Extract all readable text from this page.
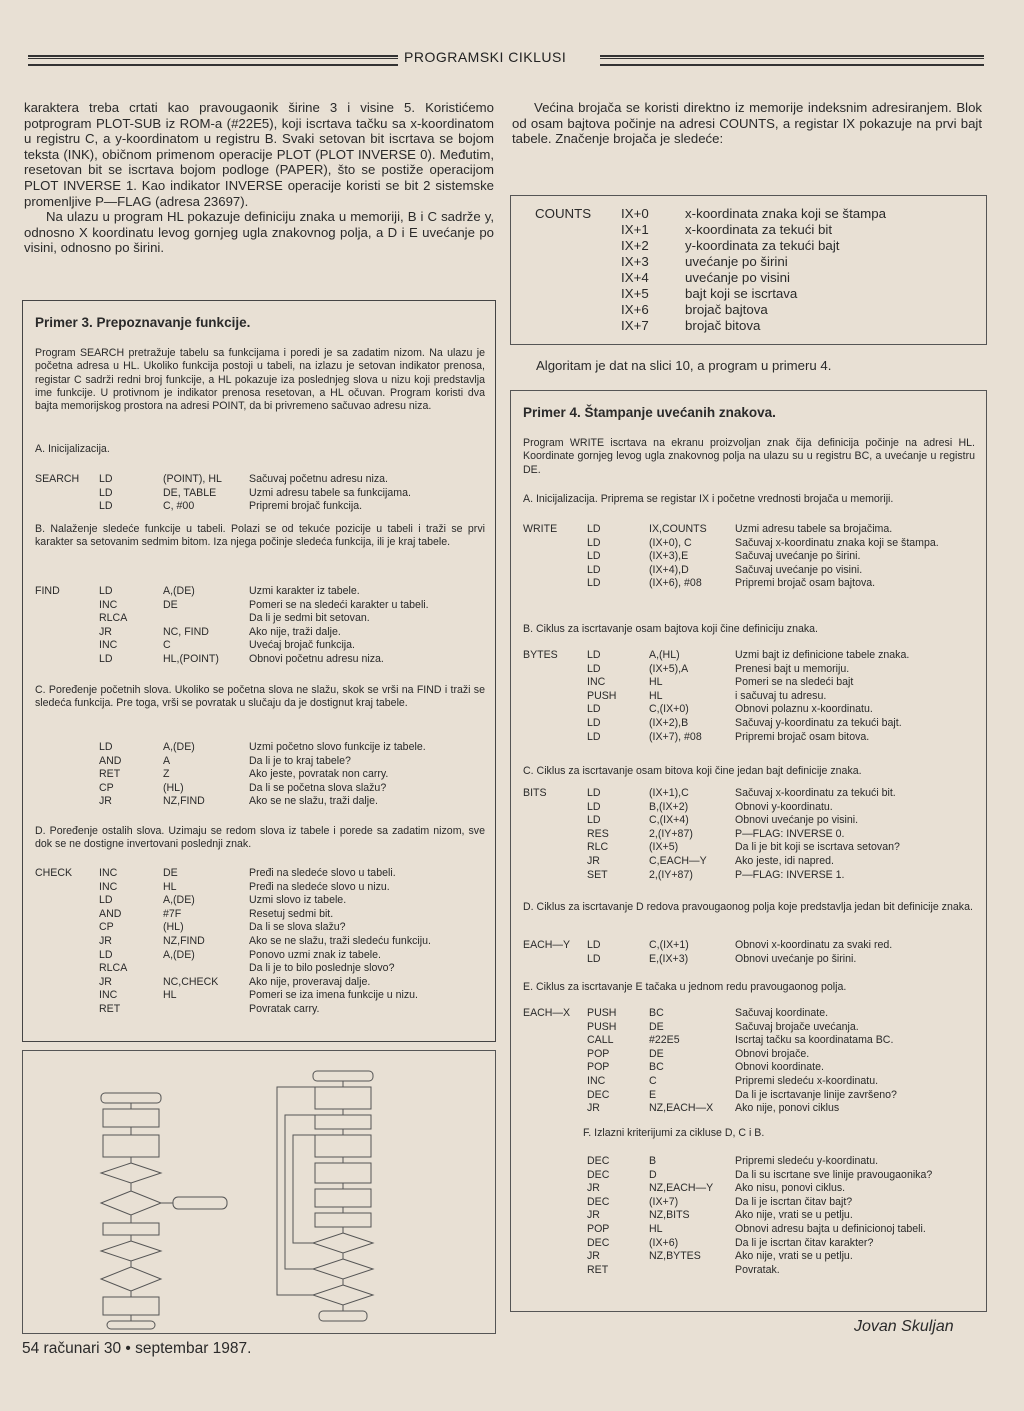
PROGRAMSKI CIKLUSI

karaktera treba crtati kao pravougaonik širine 3 i visine 5. Koristićemo potprogram PLOT-SUB iz ROM-a (#22E5), koji iscrtava tačku sa x-koordinatom u registru C, a y-koordinatom u registru B. Svaki setovan bit iscrtava se bojom teksta (INK), običnom primenom operacije PLOT (PLOT INVERSE 0). Međutim, resetovan bit se iscrtava bojom podloge (PAPER), što se postiže operacijom PLOT INVERSE 1. Kao indikator INVERSE operacije koristi se bit 2 sistemske promenljive P—FLAG (adresa 23697).

Na ulazu u program HL pokazuje definiciju znaka u memoriji, B i C sadrže y, odnosno X koordinatu levog gornjeg ugla znakovnog polja, a D i E uvećanje po visini, odnosno po širini.

Primer 3. Prepoznavanje funkcije.
Program SEARCH pretražuje tabelu sa funkcijama i poredi je sa zadatim nizom. Na ulazu je početna adresa u HL. Ukoliko funkcija postoji u tabeli, na izlazu je setovan indikator prenosa, registar C sadrži redni broj funkcije, a HL pokazuje iza poslednjeg slova u nizu koji predstavlja ime funkcije. U protivnom je indikator prenosa resetovan, a HL očuvan. Program koristi dva bajta memorijskog prostora na adresi POINT, da bi privremeno sačuvao adresu niza.
A. Inicijalizacija.
SEARCH	LD	(POINT), HL	Sačuvaj početnu adresu niza.
LD	DE, TABLE	Uzmi adresu tabele sa funkcijama.
LD	C, #00	Pripremi brojač funkcija.
B. Nalaženje sledeće funkcije u tabeli. Polazi se od tekuće pozicije u tabeli i traži se prvi karakter sa setovanim sedmim bitom. Iza njega počinje sledeća funkcija, ili je kraj tabele.
FIND	LD	A,(DE)	Uzmi karakter iz tabele.
INC	DE	Pomeri se na sledeći karakter u tabeli.
RLCA	Da li je sedmi bit setovan.
JR	NC, FIND	Ako nije, traži dalje.
INC	C	Uvećaj brojač funkcija.
LD	HL,(POINT)	Obnovi početnu adresu niza.
C. Poređenje početnih slova. Ukoliko se početna slova ne slažu, skok se vrši na FIND i traži se sledeća funkcija. Pre toga, vrši se povratak u slučaju da je dostignut kraj tabele.
LD	A,(DE)	Uzmi početno slovo funkcije iz tabele.
AND	A	Da li je to kraj tabele?
RET	Z	Ako jeste, povratak non carry.
CP	(HL)	Da li se početna slova slažu?
JR	NZ,FIND	Ako se ne slažu, traži dalje.
D. Poređenje ostalih slova. Uzimaju se redom slova iz tabele i porede sa zadatim nizom, sve dok se ne dostigne invertovani poslednji znak.
CHECK	INC	DE	Pređi na sledeće slovo u tabeli.
INC	HL	Pređi na sledeće slovo u nizu.
LD	A,(DE)	Uzmi slovo iz tabele.
AND	#7F	Resetuj sedmi bit.
CP	(HL)	Da li se slova slažu?
JR	NZ,FIND	Ako se ne slažu, traži sledeću funkciju.
LD	A,(DE)	Ponovo uzmi znak iz tabele.
RLCA	Da li je to bilo poslednje slovo?
JR	NC,CHECK	Ako nije, proveravaj dalje.
INC	HL	Pomeri se iza imena funkcije u nizu.
RET	Povratak carry.
Većina brojača se koristi direktno iz memorije indeksnim adresiranjem. Blok od osam bajtova počinje na adresi COUNTS, a registar IX pokazuje na prvi bajt tabele. Značenje brojača je sledeće:
COUNTS	IX+0	x-koordinata znaka koji se štampa
	IX+1	x-koordinata za tekući bit
	IX+2	y-koordinata za tekući bajt
	IX+3	uvećanje po širini
	IX+4	uvećanje po visini
	IX+5	bajt koji se iscrtava
	IX+6	brojač bajtova
	IX+7	brojač bitova
Algoritam je dat na slici 10, a program u primeru 4.
Primer 4. Štampanje uvećanih znakova.
Program WRITE iscrtava na ekranu proizvoljan znak čija definicija počinje na adresi HL. Koordinate gornjeg levog ugla znakovnog polja na ulazu su u registru BC, a uvećanje u registru DE.
A. Inicijalizacija. Priprema se registar IX i početne vrednosti brojača u memoriji.
WRITE	LD	IX,COUNTS	Uzmi adresu tabele sa brojačima.
LD	(IX+0), C	Sačuvaj x-koordinatu znaka koji se štampa.
LD	(IX+3),E	Sačuvaj uvećanje po širini.
LD	(IX+4),D	Sačuvaj uvećanje po visini.
LD	(IX+6), #08	Pripremi brojač osam bajtova.
B. Ciklus za iscrtavanje osam bajtova koji čine definiciju znaka.
BYTES	LD	A,(HL)	Uzmi bajt iz definicione tabele znaka.
LD	(IX+5),A	Prenesi bajt u memoriju.
INC	HL	Pomeri se na sledeći bajt
PUSH	HL	i sačuvaj tu adresu.
LD	C,(IX+0)	Obnovi polaznu x-koordinatu.
LD	(IX+2),B	Sačuvaj y-koordinatu za tekući bajt.
LD	(IX+7), #08	Pripremi brojač osam bitova.
C. Ciklus za iscrtavanje osam bitova koji čine jedan bajt definicije znaka.
BITS	LD	(IX+1),C	Sačuvaj x-koordinatu za tekući bit.
LD	B,(IX+2)	Obnovi y-koordinatu.
LD	C,(IX+4)	Obnovi uvećanje po visini.
RES	2,(IY+87)	P—FLAG: INVERSE 0.
RLC	(IX+5)	Da li je bit koji se iscrtava setovan?
JR	C,EACH—Y	Ako jeste, idi napred.
SET	2,(IY+87)	P—FLAG: INVERSE 1.
D. Ciklus za iscrtavanje D redova pravougaonog polja koje predstavlja jedan bit definicije znaka.
EACH—Y	LD	C,(IX+1)	Obnovi x-koordinatu za svaki red.
LD	E,(IX+3)	Obnovi uvećanje po širini.
E. Ciklus za iscrtavanje E tačaka u jednom redu pravougaonog polja.
EACH—X	PUSH	BC	Sačuvaj koordinate.
PUSH	DE	Sačuvaj brojače uvećanja.
CALL	#22E5	Iscrtaj tačku sa koordinatama BC.
POP	DE	Obnovi brojače.
POP	BC	Obnovi koordinate.
INC	C	Pripremi sledeću x-koordinatu.
DEC	E	Da li je iscrtavanje linije završeno?
JR	NZ,EACH—X	Ako nije, ponovi ciklus
F. Izlazni kriterijumi za cikluse D, C i B.
DEC	B	Pripremi sledeću y-koordinatu.
DEC	D	Da li su iscrtane sve linije pravougaonika?
JR	NZ,EACH—Y	Ako nisu, ponovi ciklus.
DEC	(IX+7)	Da li je iscrtan čitav bajt?
JR	NZ,BITS	Ako nije, vrati se u petlju.
POP	HL	Obnovi adresu bajta u definicionoj tabeli.
DEC	(IX+6)	Da li je iscrtan čitav karakter?
JR	NZ,BYTES	Ako nije, vrati se u petlju.
RET	Povratak.
54 računari 30 • septembar 1987.
Jovan Skuljan
